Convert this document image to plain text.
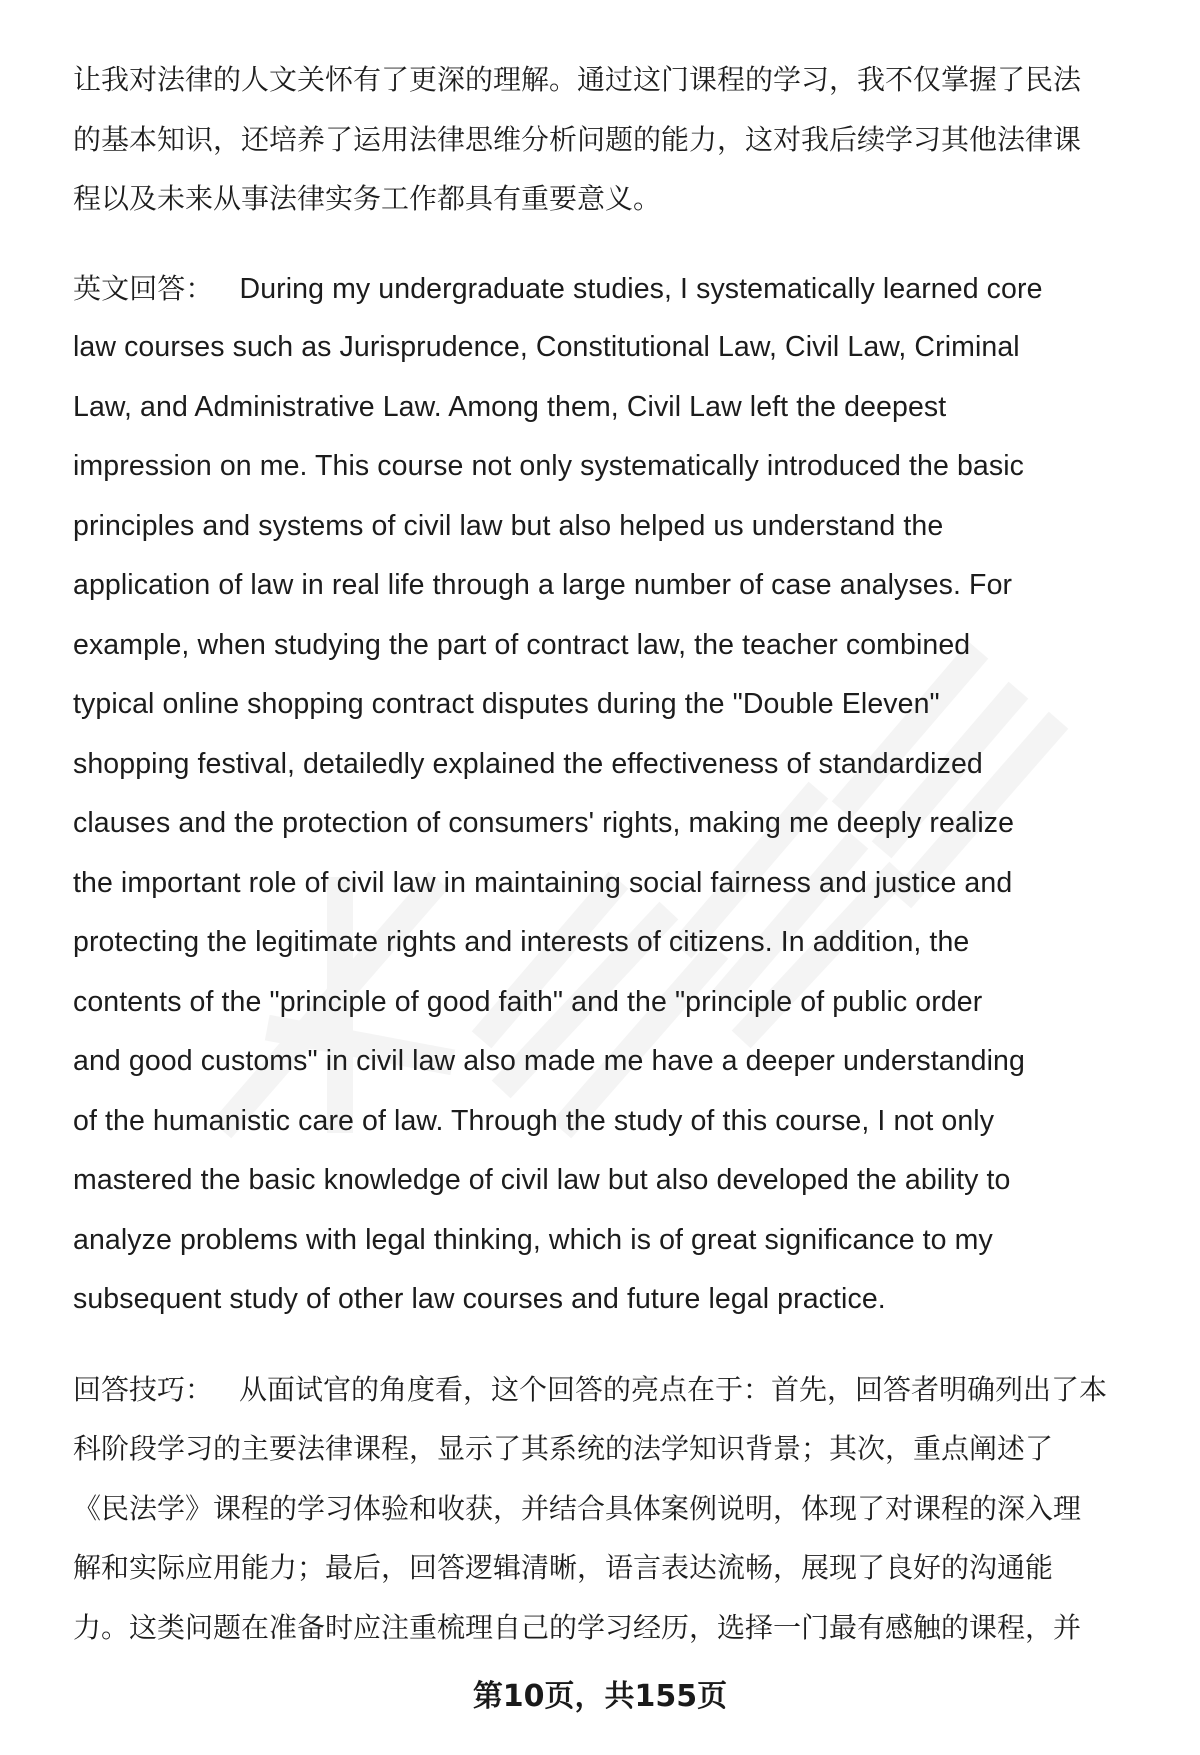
让我对法律的人文关怀有了更深的理解。通过这门课程的学习，我不仅掌握了民法
的基本知识，还培养了运用法律思维分析问题的能力，这对我后续学习其他法律课
程以及未来从事法律实务工作都具有重要意义。
英文回答： During my undergraduate studies, I systematically learned core
law courses such as Jurisprudence, Constitutional Law, Civil Law, Criminal
Law, and Administrative Law. Among them, Civil Law left the deepest
impression on me. This course not only systematically introduced the basic
principles and systems of civil law but also helped us understand the
application of law in real life through a large number of case analyses. For
example, when studying the part of contract law, the teacher combined
typical online shopping contract disputes during the "Double Eleven"
shopping festival, detailedly explained the effectiveness of standardized
clauses and the protection of consumers' rights, making me deeply realize
the important role of civil law in maintaining social fairness and justice and
protecting the legitimate rights and interests of citizens. In addition, the
contents of the "principle of good faith" and the "principle of public order
and good customs" in civil law also made me have a deeper understanding
of the humanistic care of law. Through the study of this course, I not only
mastered the basic knowledge of civil law but also developed the ability to
analyze problems with legal thinking, which is of great significance to my
subsequent study of other law courses and future legal practice.
回答技巧： 从面试官的角度看，这个回答的亮点在于：首先，回答者明确列出了本
科阶段学习的主要法律课程，显示了其系统的法学知识背景；其次，重点阐述了
《民法学》课程的学习体验和收获，并结合具体案例说明，体现了对课程的深入理
解和实际应用能力；最后，回答逻辑清晰，语言表达流畅，展现了良好的沟通能
力。这类问题在准备时应注重梳理自己的学习经历，选择一门最有感触的课程，并
第10页，共155页
